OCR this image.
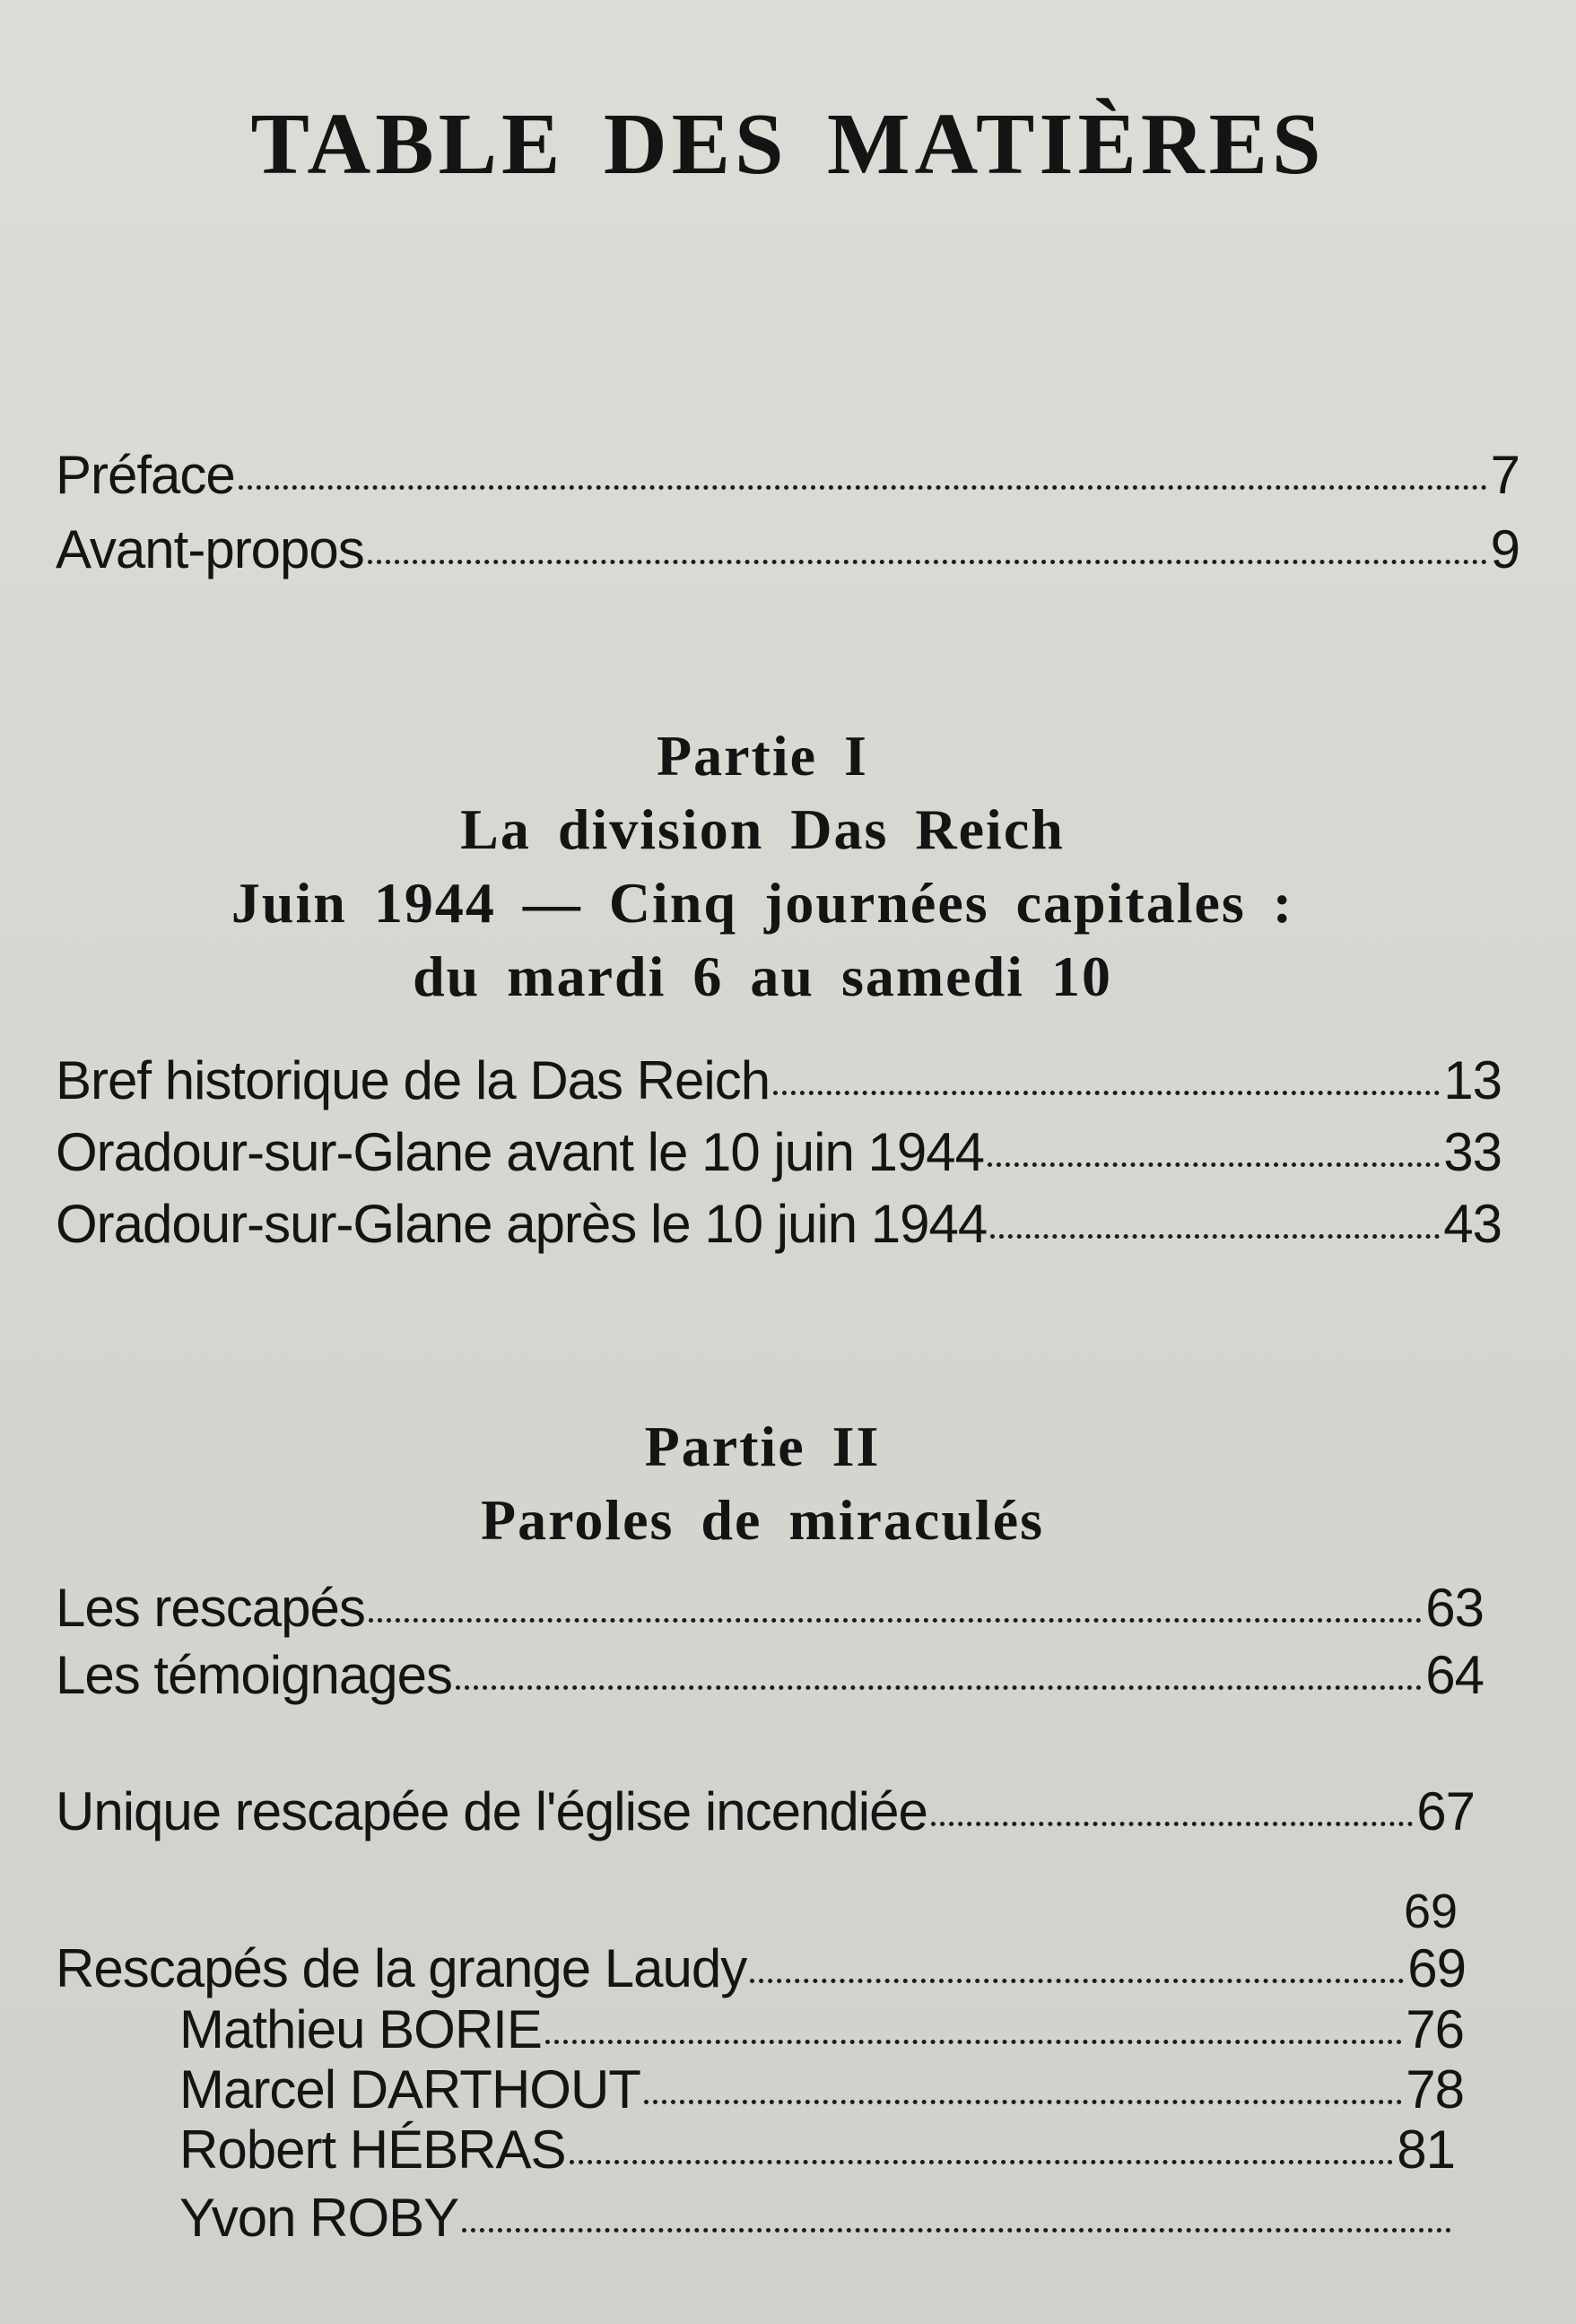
TABLE DES MATIÈRES
Préface	7
Avant-propos	9
Partie I
La division Das Reich
Juin 1944 — Cinq journées capitales :
du mardi 6 au samedi 10
Bref historique de la Das Reich	13
Oradour-sur-Glane avant le 10 juin 1944	33
Oradour-sur-Glane après le 10 juin 1944	43
Partie II
Paroles de miraculés
Les rescapés	63
Les témoignages	64
Unique rescapée de l'église incendiée	67
69
Rescapés de la grange Laudy	69
Mathieu BORIE	76
Marcel DARTHOUT	78
Robert HÉBRAS	81
Yvon ROBY
